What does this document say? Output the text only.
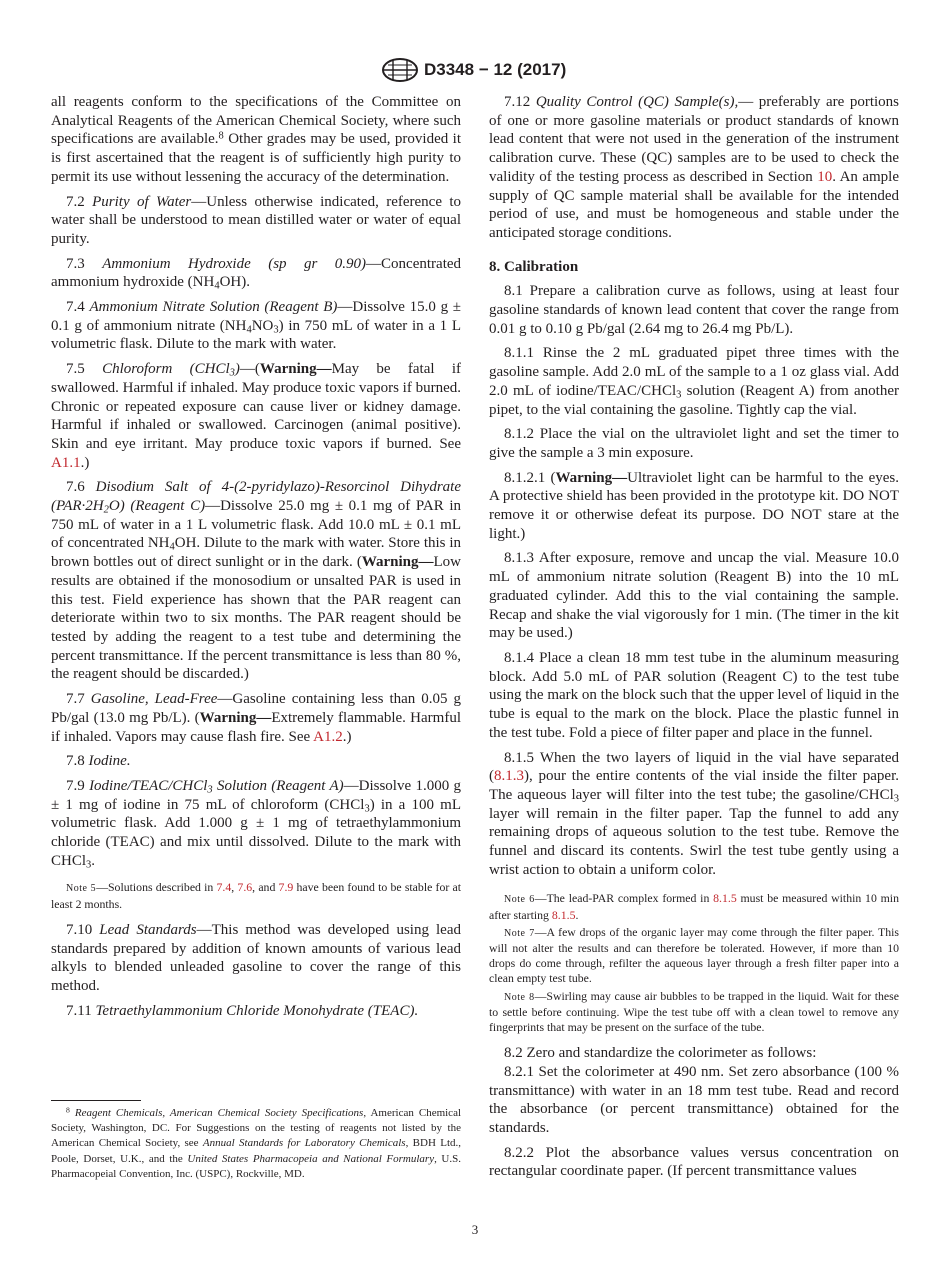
D3348 − 12 (2017)

all reagents conform to the specifications of the Committee on Analytical Reagents of the American Chemical Society, where such specifications are available.$^8$ Other grades may be used, provided it is first ascertained that the reagent is of sufficiently high purity to permit its use without lessening the accuracy of the determination.

7.2 Purity of Water—Unless otherwise indicated, reference to water shall be understood to mean distilled water or water of equal purity.

7.3 Ammonium Hydroxide (sp gr 0.90)—Concentrated ammonium hydroxide $(NH_4OH)$.

7.4 Ammonium Nitrate Solution (Reagent B)—Dissolve 15.0 g ± 0.1 g of ammonium nitrate $(NH_4NO_3)$ in 750 mL of water in a 1 L volumetric flask. Dilute to the mark with water.

7.5 Chloroform (CHCl$_3$)—(Warning—May be fatal if swallowed. Harmful if inhaled. May produce toxic vapors if burned. Chronic or repeated exposure can cause liver or kidney damage. Harmful if inhaled or swallowed. Carcinogen (animal positive). Skin and eye irritant. May produce toxic vapors if burned. See A1.1.)

7.6 Disodium Salt of 4-(2-pyridylazo)-Resorcinol Dihydrate $(PAR\cdot 2H_2O)$ (Reagent C)—Dissolve 25.0 mg ± 0.1 mg of PAR in 750 mL of water in a 1 L volumetric flask. Add 10.0 mL ± 0.1 mL of concentrated $NH_4OH$. Dilute to the mark with water. Store this in brown bottles out of direct sunlight or in the dark. (Warning—Low results are obtained if the monosodium or unsalted PAR is used in this test. Field experience has shown that the PAR reagent can deteriorate within two to six months. The PAR reagent should be tested by adding the reagent to a test tube and determining the percent transmittance. If the percent transmittance is less than 80 %, the reagent should be discarded.)

7.7 Gasoline, Lead-Free—Gasoline containing less than 0.05 g Pb/gal (13.0 mg Pb/L). (Warning—Extremely flammable. Harmful if inhaled. Vapors may cause flash fire. See A1.2.)

7.8 Iodine.

7.9 Iodine/TEAC/CHCl$_3$ Solution (Reagent A)—Dissolve 1.000 g ± 1 mg of iodine in 75 mL of chloroform (CHCl$_3$) in a 100 mL volumetric flask. Add 1.000 g ± 1 mg of tetraethylammonium chloride (TEAC) and mix until dissolved. Dilute to the mark with CHCl$_3$.

Note 5—Solutions described in 7.4, 7.6, and 7.9 have been found to be stable for at least 2 months.

7.10 Lead Standards—This method was developed using lead standards prepared by addition of known amounts of various lead alkyls to blended unleaded gasoline to cover the range of this method.

7.11 Tetraethylammonium Chloride Monohydrate (TEAC).

$^8$ Reagent Chemicals, American Chemical Society Specifications, American Chemical Society, Washington, DC. For Suggestions on the testing of reagents not listed by the American Chemical Society, see Annual Standards for Laboratory Chemicals, BDH Ltd., Poole, Dorset, U.K., and the United States Pharmacopeia and National Formulary, U.S. Pharmacopeial Convention, Inc. (USPC), Rockville, MD.

7.12 Quality Control (QC) Sample(s),— preferably are portions of one or more gasoline materials or product standards of known lead content that were not used in the generation of the instrument calibration curve. These (QC) samples are to be used to check the validity of the testing process as described in Section 10. An ample supply of QC sample material shall be available for the intended period of use, and must be homogeneous and stable under the anticipated storage conditions.

8. Calibration

8.1 Prepare a calibration curve as follows, using at least four gasoline standards of known lead content that cover the range from 0.01 g to 0.10 g Pb/gal (2.64 mg to 26.4 mg Pb/L).

8.1.1 Rinse the 2 mL graduated pipet three times with the gasoline sample. Add 2.0 mL of the sample to a 1 oz glass vial. Add 2.0 mL of iodine/TEAC/CHCl$_3$ solution (Reagent A) from another pipet, to the vial containing the gasoline. Tightly cap the vial.

8.1.2 Place the vial on the ultraviolet light and set the timer to give the sample a 3 min exposure.

8.1.2.1 (Warning—Ultraviolet light can be harmful to the eyes. A protective shield has been provided in the prototype kit. DO NOT remove it or otherwise defeat its purpose. DO NOT stare at the light.)

8.1.3 After exposure, remove and uncap the vial. Measure 10.0 mL of ammonium nitrate solution (Reagent B) into the 10 mL graduated cylinder. Add this to the vial containing the sample. Recap and shake the vial vigorously for 1 min. (The timer in the kit may be used.)

8.1.4 Place a clean 18 mm test tube in the aluminum measuring block. Add 5.0 mL of PAR solution (Reagent C) to the test tube using the mark on the block such that the upper level of liquid in the tube is equal to the mark on the block. Place the plastic funnel in the test tube. Fold a piece of filter paper and place in the funnel.

8.1.5 When the two layers of liquid in the vial have separated (8.1.3), pour the entire contents of the vial inside the filter paper. The aqueous layer will filter into the test tube; the gasoline/CHCl$_3$ layer will remain in the filter paper. Tap the funnel to add any remaining drops of aqueous solution to the test tube. Remove the funnel and discard its contents. Swirl the test tube gently using a wrist action to obtain a uniform color.

Note 6—The lead-PAR complex formed in 8.1.5 must be measured within 10 min after starting 8.1.5.

Note 7—A few drops of the organic layer may come through the filter paper. This will not alter the results and can therefore be tolerated. However, if more than 10 drops do come through, refilter the aqueous layer through a fresh filter paper into a clean empty test tube.

Note 8—Swirling may cause air bubbles to be trapped in the liquid. Wait for these to settle before continuing. Wipe the test tube off with a clean towel to remove any fingerprints that may be present on the surface of the tube.

8.2 Zero and standardize the colorimeter as follows:

8.2.1 Set the colorimeter at 490 nm. Set zero absorbance (100 % transmittance) with water in an 18 mm test tube. Read and record the absorbance (or percent transmittance) obtained for the standards.

8.2.2 Plot the absorbance values versus concentration on rectangular coordinate paper. (If percent transmittance values

3
